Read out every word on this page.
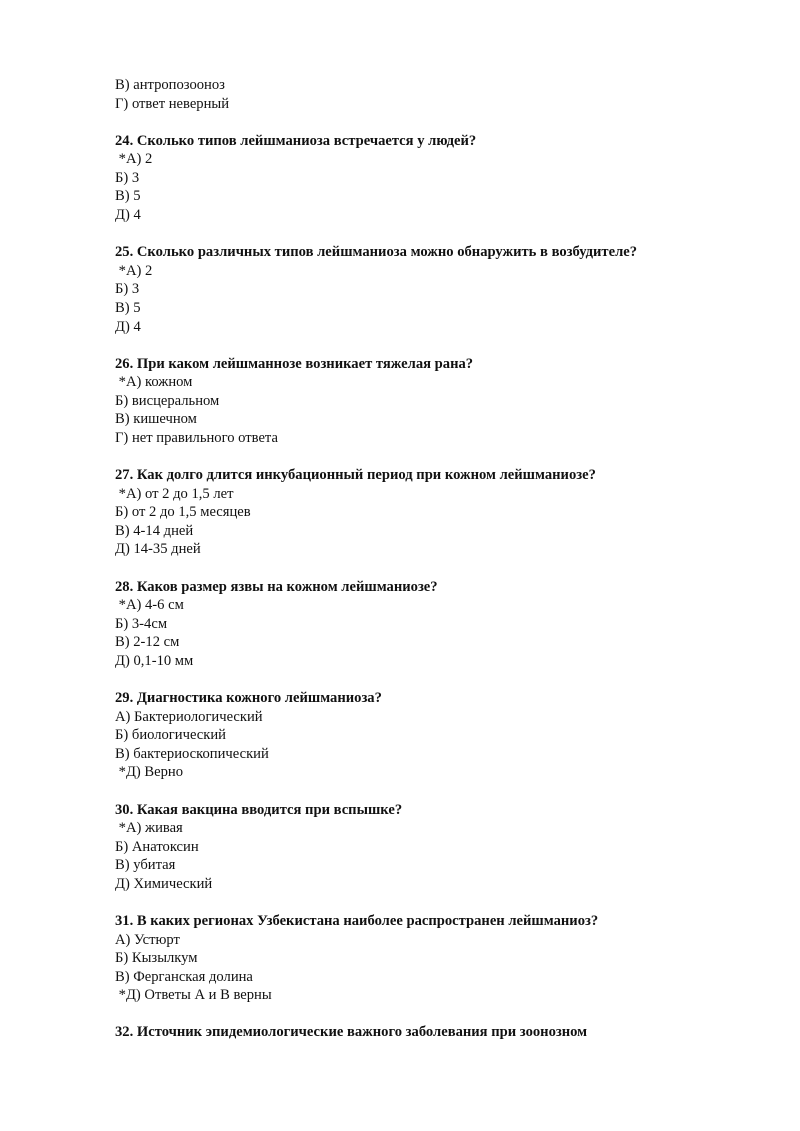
В) антропозооноз
Г) ответ неверный
24. Сколько типов лейшманиоза встречается у людей?
*А) 2
Б) 3
В) 5
Д) 4
25. Сколько различных типов лейшманиоза можно обнаружить в возбудителе?
*А) 2
Б) 3
В) 5
Д) 4
26. При каком лейшманнозе возникает тяжелая рана?
*А) кожном
Б) висцеральном
В) кишечном
Г) нет правильного ответа
27. Как долго длится инкубационный период при кожном лейшманиозе?
*А) от 2 до 1,5 лет
Б) от 2 до 1,5 месяцев
В) 4-14 дней
Д) 14-35 дней
28. Каков размер язвы на кожном лейшманиозе?
*А) 4-6 см
Б) 3-4см
В) 2-12 см
Д) 0,1-10 мм
29. Диагностика кожного лейшманиоза?
А) Бактериологический
Б) биологический
В) бактериоскопический
*Д) Верно
30. Какая вакцина вводится при вспышке?
*А) живая
Б) Анатоксин
В) убитая
Д) Химический
31. В каких регионах Узбекистана наиболее распространен лейшманиоз?
А) Устюрт
Б) Кызылкум
В) Ферганская долина
*Д) Ответы А и В верны
32. Источник эпидемиологические важного заболевания при зоонозном
